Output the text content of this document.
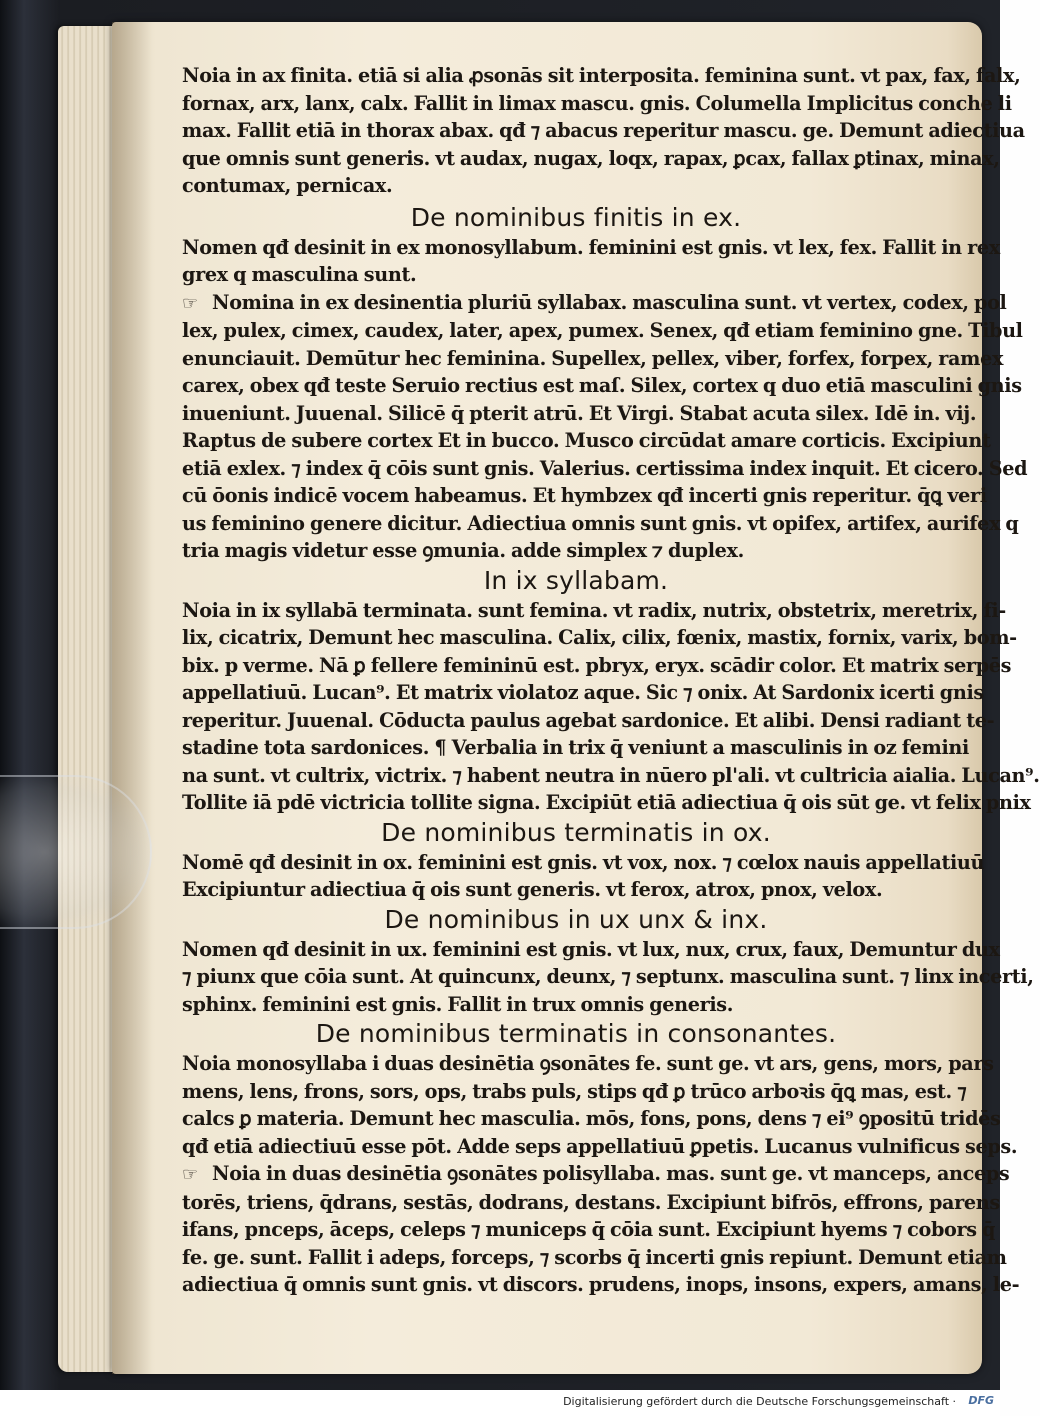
Noia in ax finita. etiā si alia ꝓsonās sit interposita. feminina sunt. vt pax, fax, falx,
fornax, arx, lanx, calx. Fallit in limax mascu. gnis. Columella Implicitus conche li
max. Fallit etiā in thorax abax. qđ ⁊ abacus reperitur mascu. ge. Demunt adiectiua
que omnis sunt generis. vt audax, nugax, loqx, rapax, ꝑcax, fallax ꝑtinax, minax,
contumax, pernicax.
De nominibus finitis in ex.
Nomen qđ desinit in ex monosyllabum. feminini est gnis. vt lex, fex. Fallit in rex
grex q masculina sunt.
☞ Nomina in ex desinentia pluriū syllabax. masculina sunt. vt vertex, codex, pol
lex, pulex, cimex, caudex, later, apex, pumex. Senex, qđ etiam feminino gne. Tibul
enunciauit. Demūtur hec feminina. Supellex, pellex, viber, forfex, forpex, ramex
carex, obex qđ teste Seruio rectius est maſ. Silex, cortex q duo etiā masculini gnis
inueniunt. Juuenal. Silicē q̄ pterit atrū. Et Virgi. Stabat acuta silex. Idē in. vij.
Raptus de subere cortex Et in bucco. Musco circūdat amare corticis. Excipiunt
etiā exlex. ⁊ index q̄ cōis sunt gnis. Valerius. certissima index inquit. Et cicero. Sed
cū ōonis indicē vocem habeamus. Et hymbzex qđ incerti gnis reperitur. q̄ꝗ veri
us feminino genere dicitur. Adiectiua omnis sunt gnis. vt opifex, artifex, aurifex q
tria magis videtur esse ꝯmunia. adde simplex ⁊ duplex.
In ix syllabam.
Noia in ix syllabā terminata. sunt femina. vt radix, nutrix, obstetrix, meretrix, fi-
lix, cicatrix, Demunt hec masculina. Calix, cilix, fœnix, mastix, fornix, varix, bom-
bix. p verme. Nā ꝑ fellere femininū est. pbryx, eryx. scādir color. Et matrix serpēs
appellatiuū. Lucan⁹. Et matrix violatoz aque. Sic ⁊ onix. At Sardonix icerti gnis
reperitur. Juuenal. Cōducta paulus agebat sardonice. Et alibi. Densi radiant te-
stadine tota sardonices. ¶ Verbalia in trix q̄ veniunt a masculinis in oz femini
na sunt. vt cultrix, victrix. ⁊ habent neutra in nūero pl'ali. vt cultricia aialia. Lucan⁹.
Tollite iā pdē victricia tollite signa. Excipiūt etiā adiectiua q̄ ois sūt ge. vt felix pnix
De nominibus terminatis in ox.
Nomē qđ desinit in ox. feminini est gnis. vt vox, nox. ⁊ cœlox nauis appellatiuū
Excipiuntur adiectiua q̄ ois sunt generis. vt ferox, atrox, pnox, velox.
De nominibus in ux unx & inx.
Nomen qđ desinit in ux. feminini est gnis. vt lux, nux, crux, faux, Demuntur dux
⁊ piunx que cōia sunt. At quincunx, deunx, ⁊ septunx. masculina sunt. ⁊ linx incerti,
sphinx. feminini est gnis. Fallit in trux omnis generis.
De nominibus terminatis in consonantes.
Noia monosyllaba i duas desinētia ꝯsonātes fe. sunt ge. vt ars, gens, mors, pars
mens, lens, frons, sors, ops, trabs puls, stips qđ ꝑ trūco arboꝛis q̄ꝗ mas, est. ⁊
calcs ꝑ materia. Demunt hec masculia. mōs, fons, pons, dens ⁊ ei⁹ ꝯpositū tridēs
qđ etiā adiectiuū esse pōt. Adde seps appellatiuū ꝑpetis. Lucanus vulnificus seps.
☞ Noia in duas desinētia ꝯsonātes polisyllaba. mas. sunt ge. vt manceps, anceps
torēs, triens, q̄drans, sestās, dodrans, destans. Excipiunt bifrōs, effrons, parens
ifans, pnceps, āceps, celeps ⁊ municeps q̄ cōia sunt. Excipiunt hyems ⁊ cobors q̄
fe. ge. sunt. Fallit i adeps, forceps, ⁊ scorbs q̄ incerti gnis repiunt. Demunt etiam
adiectiua q̄ omnis sunt gnis. vt discors. prudens, inops, insons, expers, amans, le-
Digitalisierung gefördert durch die Deutsche Forschungsgemeinschaft · DFG
